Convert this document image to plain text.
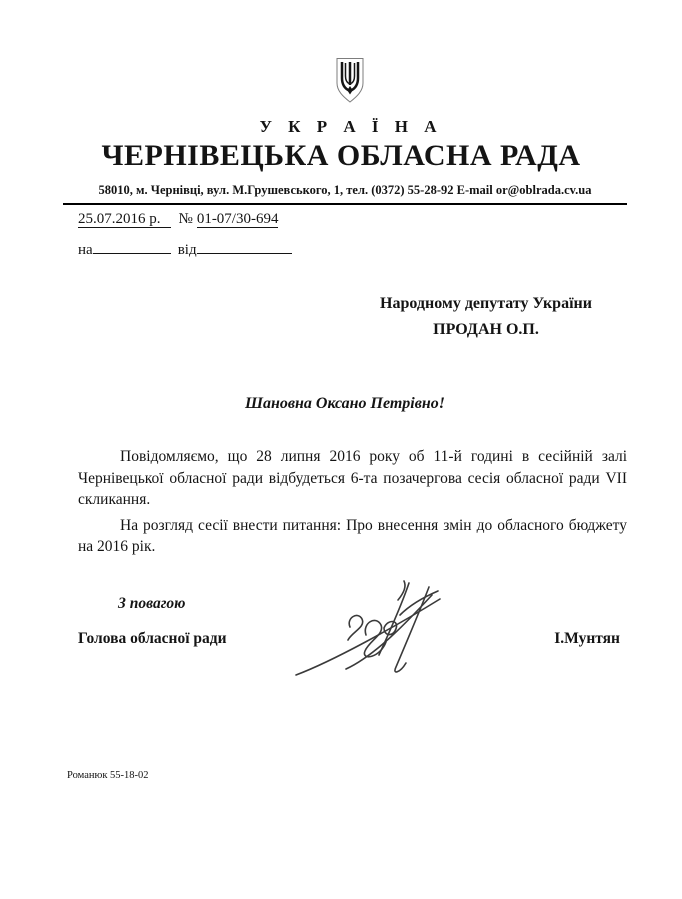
У К Р А Ї Н А
ЧЕРНІВЕЦЬКА ОБЛАСНА РАДА
58010, м. Чернівці, вул. М.Грушевського, 1, тел. (0372) 55-28-92 E-mail or@oblrada.cv.ua
25.07.2016 р. № 01-07/30-694
на	від
Народному депутату України
ПРОДАН О.П.
Шановна Оксано Петрівно!

Повідомляємо, що 28 липня 2016 року об 11-й годині в сесійній залі Чернівецької обласної ради відбудеться 6-та позачергова сесія обласної ради VII скликання.

На розгляд сесії внести питання: Про внесення змін до обласного бюджету на 2016 рік.

З повагою
Голова обласної ради	І.Мунтян
Романюк 55-18-02
